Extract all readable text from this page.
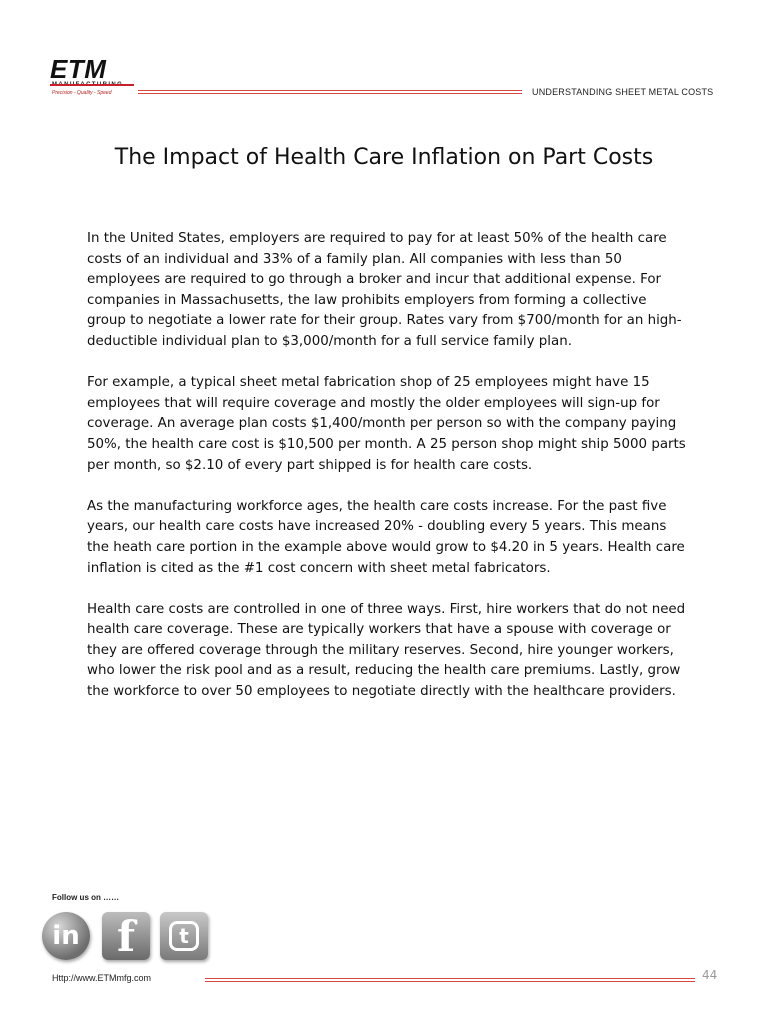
ETM
Precision - Quality - Speed	UNDERSTANDING SHEET METAL COSTS
The Impact of Health Care Inflation on Part Costs

In the United States, employers are required to pay for at least 50% of the health care costs of an individual and 33% of a family plan. All companies with less than 50 employees are required to go through a broker and incur that additional expense. For companies in Massachusetts, the law prohibits employers from forming a collective group to negotiate a lower rate for their group. Rates vary from $700/month for an high-deductible individual plan to $3,000/month for a full service family plan.

For example, a typical sheet metal fabrication shop of 25 employees might have 15 employees that will require coverage and mostly the older employees will sign-up for coverage. An average plan costs $1,400/month per person so with the company paying 50%, the health care cost is $10,500 per month. A 25 person shop might ship 5000 parts per month, so $2.10 of every part shipped is for health care costs.

As the manufacturing workforce ages, the health care costs increase. For the past five years, our health care costs have increased 20% - doubling every 5 years. This means the heath care portion in the example above would grow to $4.20 in 5 years. Health care inflation is cited as the #1 cost concern with sheet metal fabricators.

Health care costs are controlled in one of three ways. First, hire workers that do not need health care coverage. These are typically workers that have a spouse with coverage or they are offered coverage through the military reserves. Second, hire younger workers, who lower the risk pool and as a result, reducing the health care premiums. Lastly, grow the workforce to over 50 employees to negotiate directly with the healthcare providers.

Follow us on ……
in f t
Http://www.ETMmfg.com	44
